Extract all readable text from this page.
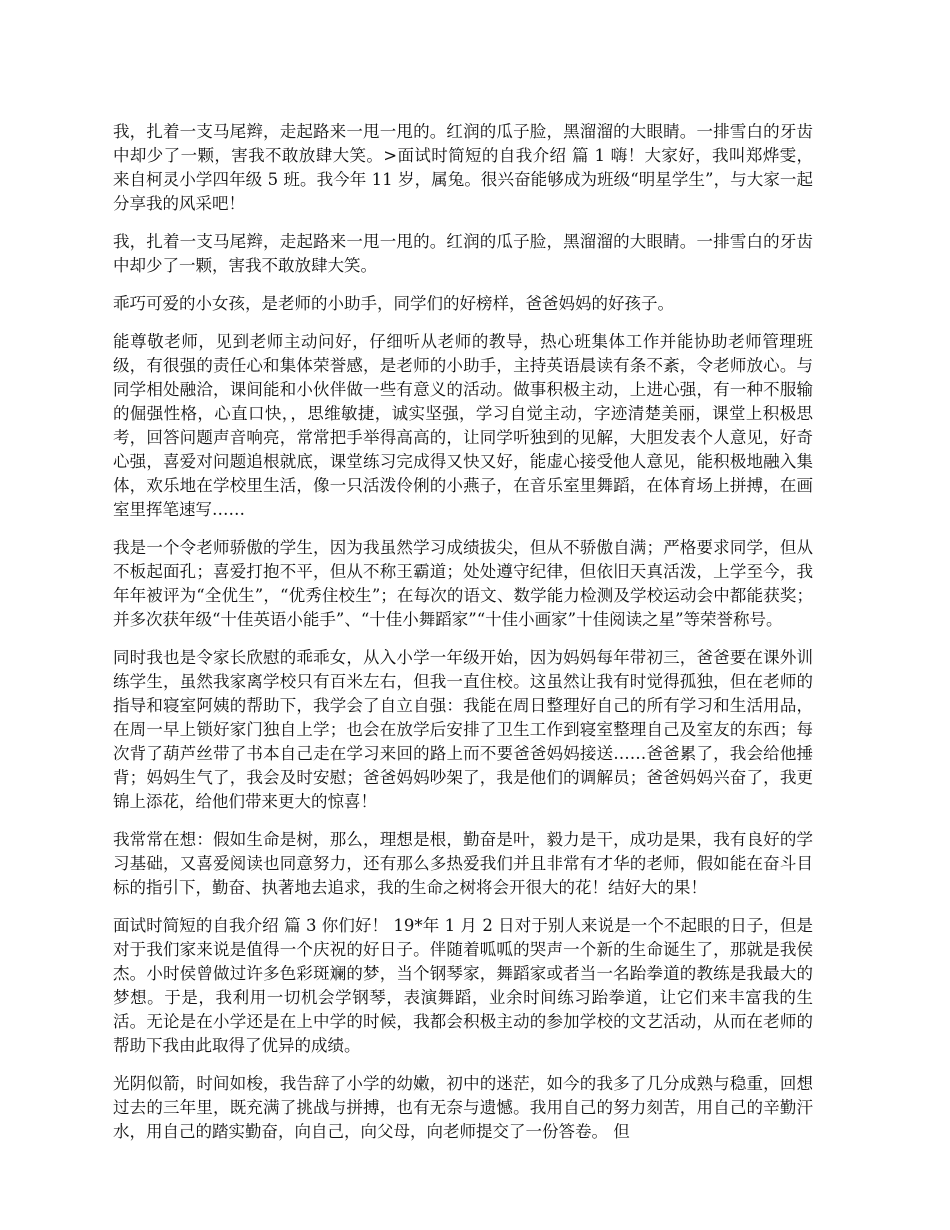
我，扎着一支马尾辫，走起路来一甩一甩的。红润的瓜子脸，黑溜溜的大眼睛。一排雪白的牙齿中却少了一颗，害我不敢放肆大笑。>面试时简短的自我介绍 篇 1 嗨！大家好，我叫郑烨雯，来自柯灵小学四年级 5 班。我今年 11 岁，属兔。很兴奋能够成为班级“明星学生”，与大家一起分享我的风采吧！

我，扎着一支马尾辫，走起路来一甩一甩的。红润的瓜子脸，黑溜溜的大眼睛。一排雪白的牙齿中却少了一颗，害我不敢放肆大笑。

乖巧可爱的小女孩，是老师的小助手，同学们的好榜样，爸爸妈妈的好孩子。

能尊敬老师，见到老师主动问好，仔细听从老师的教导，热心班集体工作并能协助老师管理班级，有很强的责任心和集体荣誉感，是老师的小助手，主持英语晨读有条不紊，令老师放心。与同学相处融洽，课间能和小伙伴做一些有意义的活动。做事积极主动，上进心强，有一种不服输的倔强性格，心直口快，，思维敏捷，诚实坚强，学习自觉主动，字迹清楚美丽，课堂上积极思考，回答问题声音响亮，常常把手举得高高的，让同学听独到的见解，大胆发表个人意见，好奇心强，喜爱对问题追根就底，课堂练习完成得又快又好，能虚心接受他人意见，能积极地融入集体，欢乐地在学校里生活，像一只活泼伶俐的小燕子，在音乐室里舞蹈，在体育场上拼搏，在画室里挥笔速写……

我是一个令老师骄傲的学生，因为我虽然学习成绩拔尖，但从不骄傲自满；严格要求同学，但从不板起面孔；喜爱打抱不平，但从不称王霸道；处处遵守纪律，但依旧天真活泼，上学至今，我年年被评为“全优生”，“优秀住校生”；在每次的语文、数学能力检测及学校运动会中都能获奖；并多次获年级“十佳英语小能手”、“十佳小舞蹈家”“十佳小画家”十佳阅读之星”等荣誉称号。

同时我也是令家长欣慰的乖乖女，从入小学一年级开始，因为妈妈每年带初三，爸爸要在课外训练学生，虽然我家离学校只有百米左右，但我一直住校。这虽然让我有时觉得孤独，但在老师的指导和寝室阿姨的帮助下，我学会了自立自强：我能在周日整理好自己的所有学习和生活用品，在周一早上锁好家门独自上学；也会在放学后安排了卫生工作到寝室整理自己及室友的东西；每次背了葫芦丝带了书本自己走在学习来回的路上而不要爸爸妈妈接送……爸爸累了，我会给他捶背；妈妈生气了，我会及时安慰；爸爸妈妈吵架了，我是他们的调解员；爸爸妈妈兴奋了，我更锦上添花，给他们带来更大的惊喜！

我常常在想：假如生命是树，那么，理想是根，勤奋是叶，毅力是干，成功是果，我有良好的学习基础，又喜爱阅读也同意努力，还有那么多热爱我们并且非常有才华的老师，假如能在奋斗目标的指引下，勤奋、执著地去追求，我的生命之树将会开很大的花！结好大的果！

面试时简短的自我介绍 篇 3 你们好！ 19*年 1 月 2 日对于别人来说是一个不起眼的日子，但是对于我们家来说是值得一个庆祝的好日子。伴随着呱呱的哭声一个新的生命诞生了，那就是我侯杰。小时侯曾做过许多色彩斑斓的梦，当个钢琴家，舞蹈家或者当一名跆拳道的教练是我最大的梦想。于是，我利用一切机会学钢琴，表演舞蹈，业余时间练习跆拳道，让它们来丰富我的生活。无论是在小学还是在上中学的时候，我都会积极主动的参加学校的文艺活动，从而在老师的帮助下我由此取得了优异的成绩。

光阴似箭，时间如梭，我告辞了小学的幼嫩，初中的迷茫，如今的我多了几分成熟与稳重，回想过去的三年里，既充满了挑战与拼搏，也有无奈与遗憾。我用自己的努力刻苦，用自己的辛勤汗水，用自己的踏实勤奋，向自己，向父母，向老师提交了一份答卷。 但
